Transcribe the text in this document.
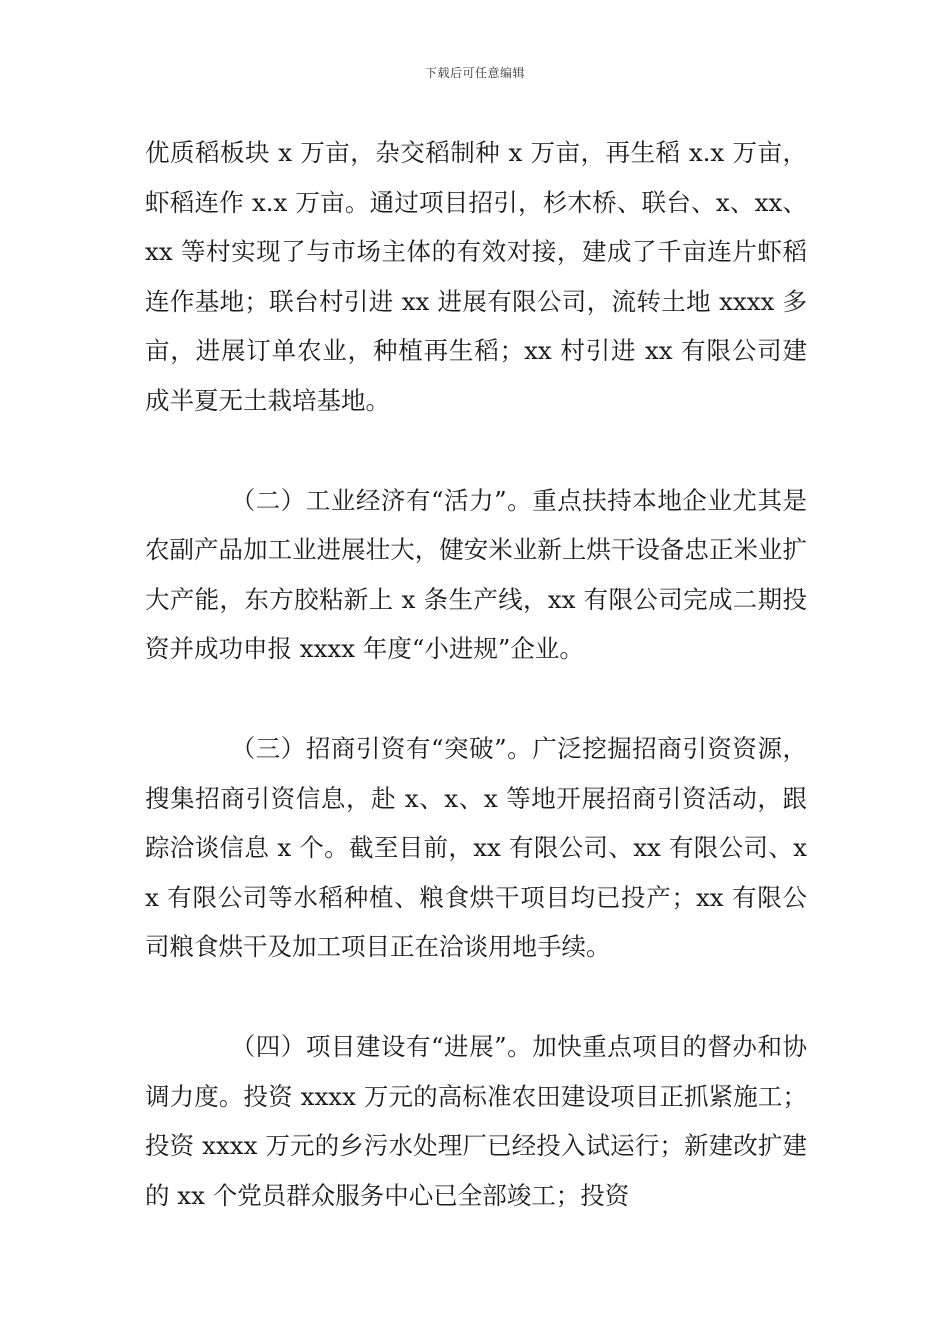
下载后可任意编辑

优质稻板块 x 万亩，杂交稻制种 x 万亩，再生稻 x.x 万亩，虾稻连作 x.x 万亩。通过项目招引，杉木桥、联台、x、xx、xx 等村实现了与市场主体的有效对接，建成了千亩连片虾稻连作基地；联台村引进 xx 进展有限公司，流转土地 xxxx 多亩，进展订单农业，种植再生稻；xx 村引进 xx 有限公司建成半夏无土栽培基地。

（二）工业经济有“活力”。重点扶持本地企业尤其是农副产品加工业进展壮大，健安米业新上烘干设备忠正米业扩大产能，东方胶粘新上 x 条生产线，xx 有限公司完成二期投资并成功申报 xxxx 年度“小进规”企业。

（三）招商引资有“突破”。广泛挖掘招商引资资源，搜集招商引资信息，赴 x、x、x 等地开展招商引资活动，跟踪洽谈信息 x 个。截至目前，xx 有限公司、xx 有限公司、xx 有限公司等水稻种植、粮食烘干项目均已投产；xx 有限公司粮食烘干及加工项目正在洽谈用地手续。

（四）项目建设有“进展”。加快重点项目的督办和协调力度。投资 xxxx 万元的高标准农田建设项目正抓紧施工；投资 xxxx 万元的乡污水处理厂已经投入试运行；新建改扩建的 xx 个党员群众服务中心已全部竣工；投资
